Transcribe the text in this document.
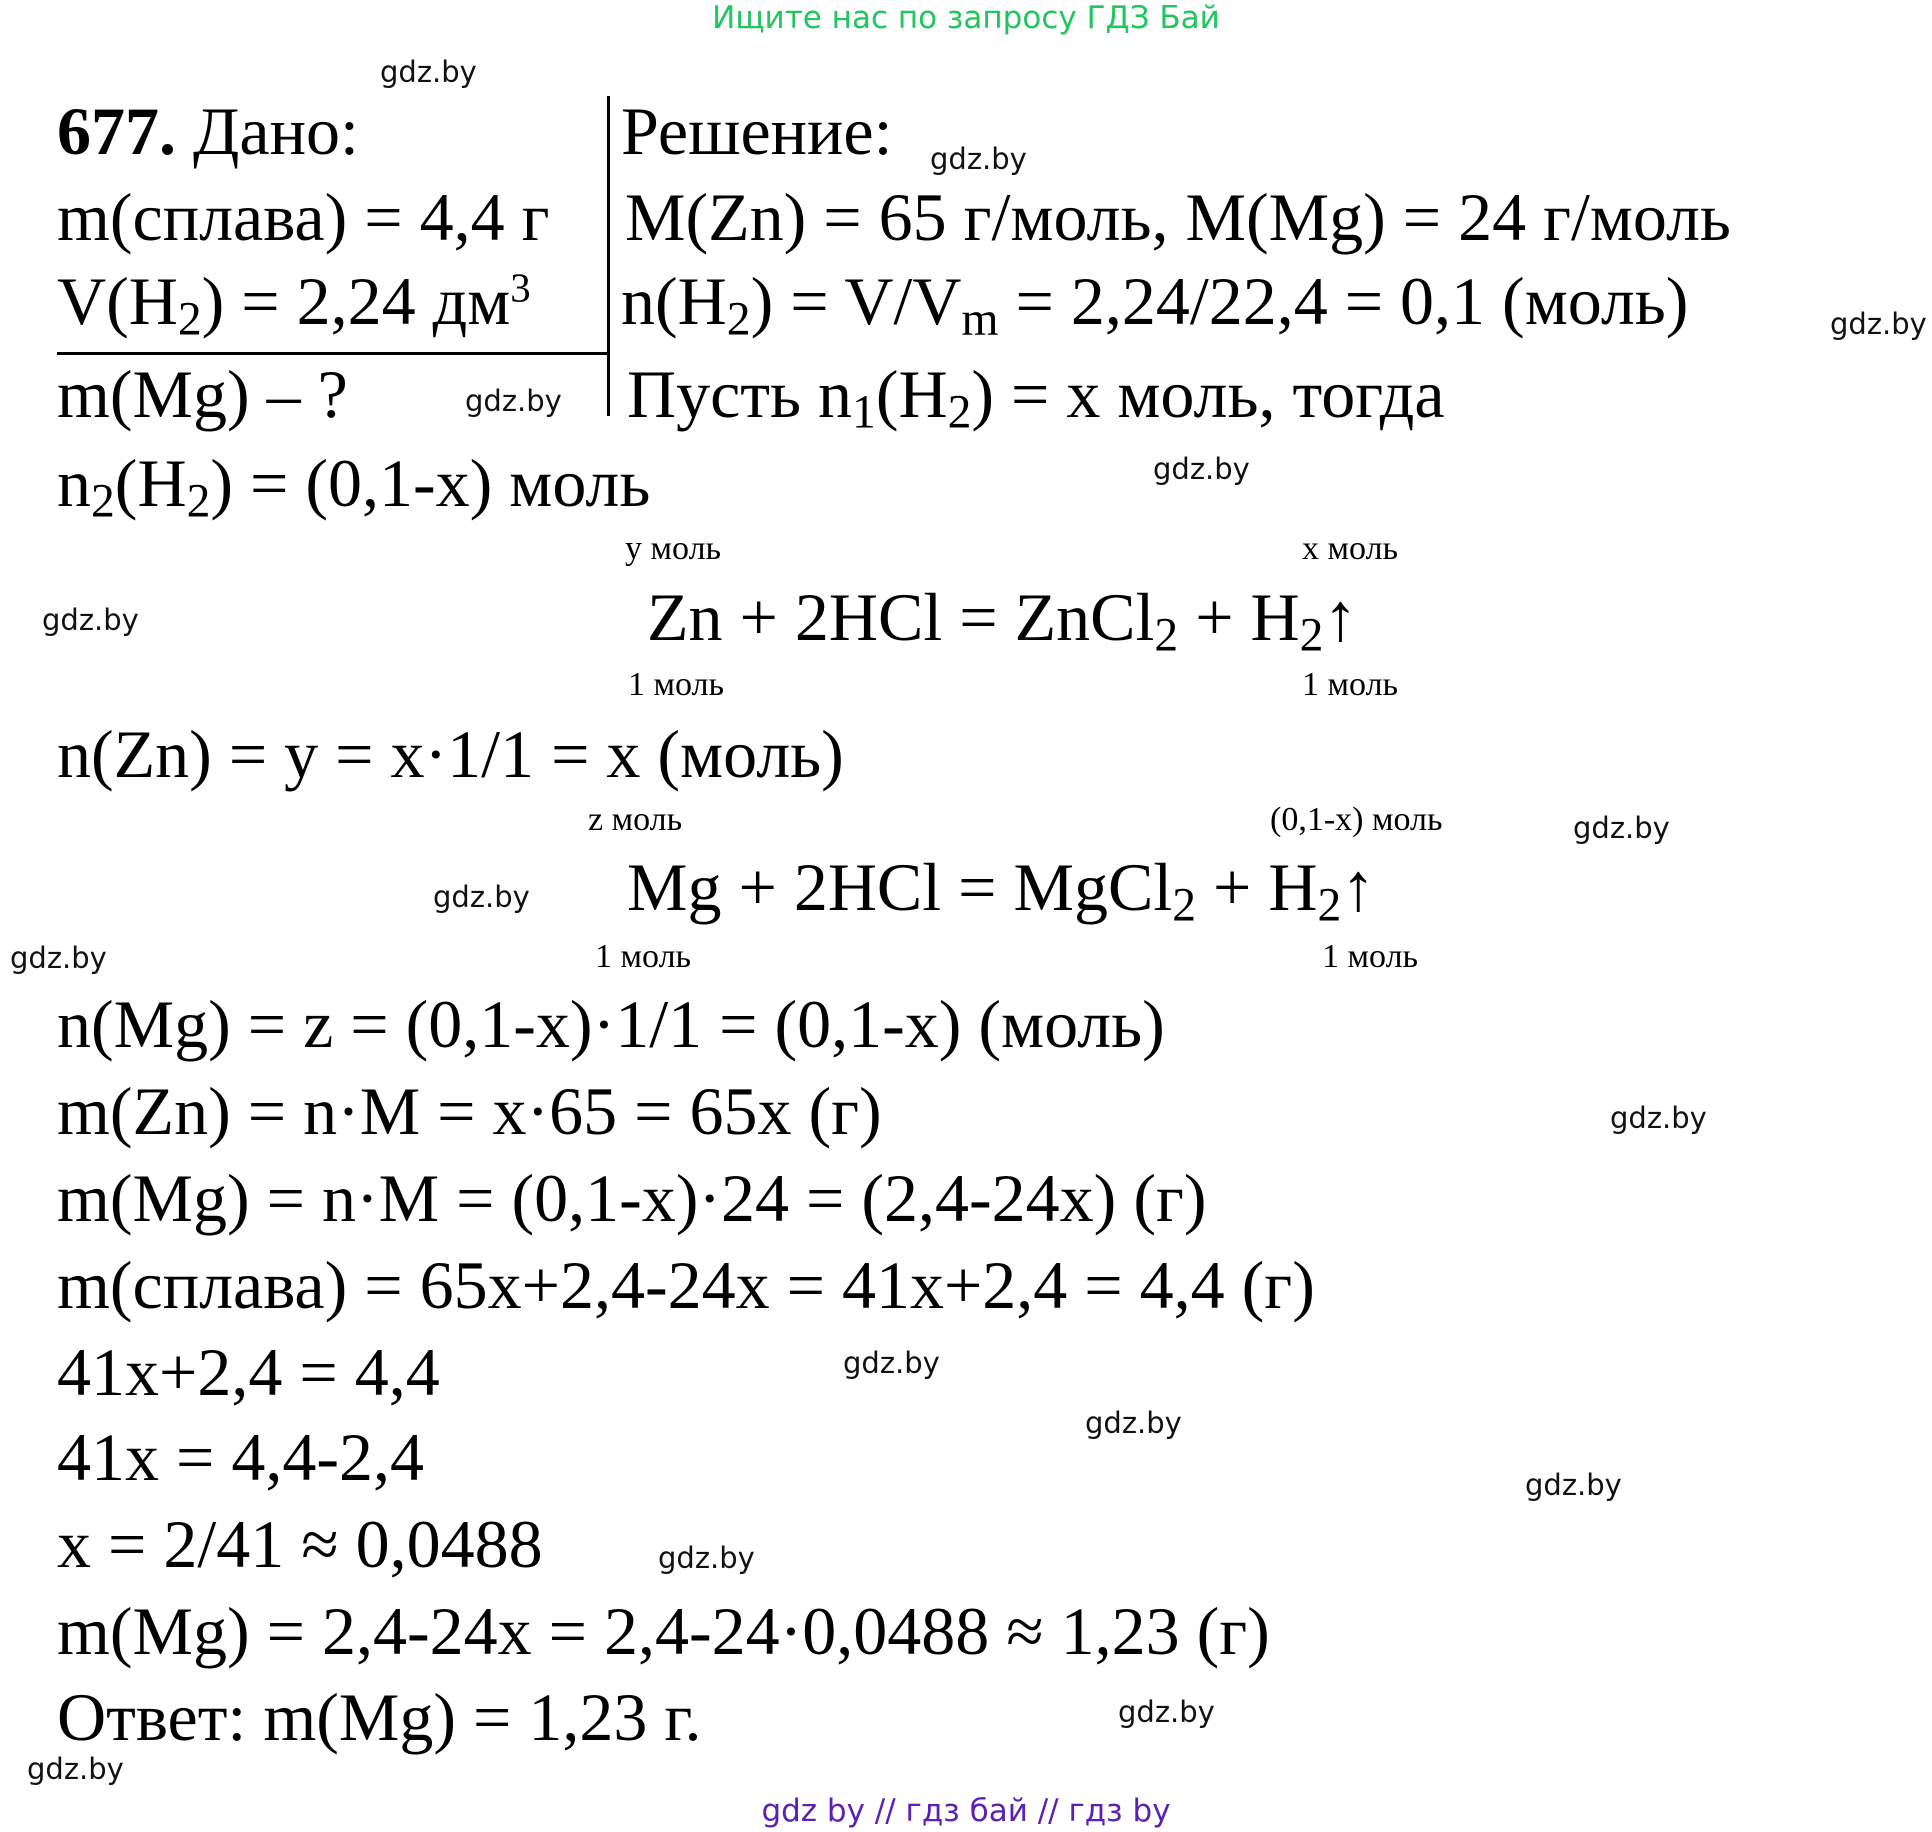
Ищите нас по запросу ГДЗ Бай
677. Дано:
m(сплава) = 4,4 г
$V(H_2) = 2,24$ $дм^3$
m(Mg) – ?
Решение:
M(Zn) = 65 г/моль, M(Mg) = 24 г/моль
$n(H_2) = V/V_m = 2,24/22,4 = 0,1$ (моль)
Пусть $n_1(H_2) = x$ моль, тогда
$n_2(H_2) = (0,1-x)$ моль
y моль	x моль
Zn + 2HCl = ZnCl$_2$ + $H_2↑$
1 моль	1 моль
n(Zn) = y = x·1/1 = x (моль)
z моль	(0,1-x) моль
Mg + 2HCl = MgCl$_2$ + $H_2↑$
1 моль	1 моль
n(Mg) = z = (0,1-x)·1/1 = (0,1-x) (моль)
m(Zn) = n·M = x·65 = 65x (г)
m(Mg) = n·M = (0,1-x)·24 = (2,4-24x) (г)
m(сплава) = 65x+2,4-24x = 41x+2,4 = 4,4 (г)
41x+2,4 = 4,4
41x = 4,4-2,4
x = 2/41 ≈ 0,0488
m(Mg) = 2,4-24x = 2,4-24·0,0488 ≈ 1,23 (г)
Ответ: m(Mg) = 1,23 г.
gdz.by
gdz.by
gdz.by
gdz.by
gdz.by
gdz.by
gdz.by
gdz.by
gdz.by
gdz.by
gdz.by
gdz.by
gdz.by
gdz.by
gdz.by
gdz.by
gdz by // гдз бай // гдз by
